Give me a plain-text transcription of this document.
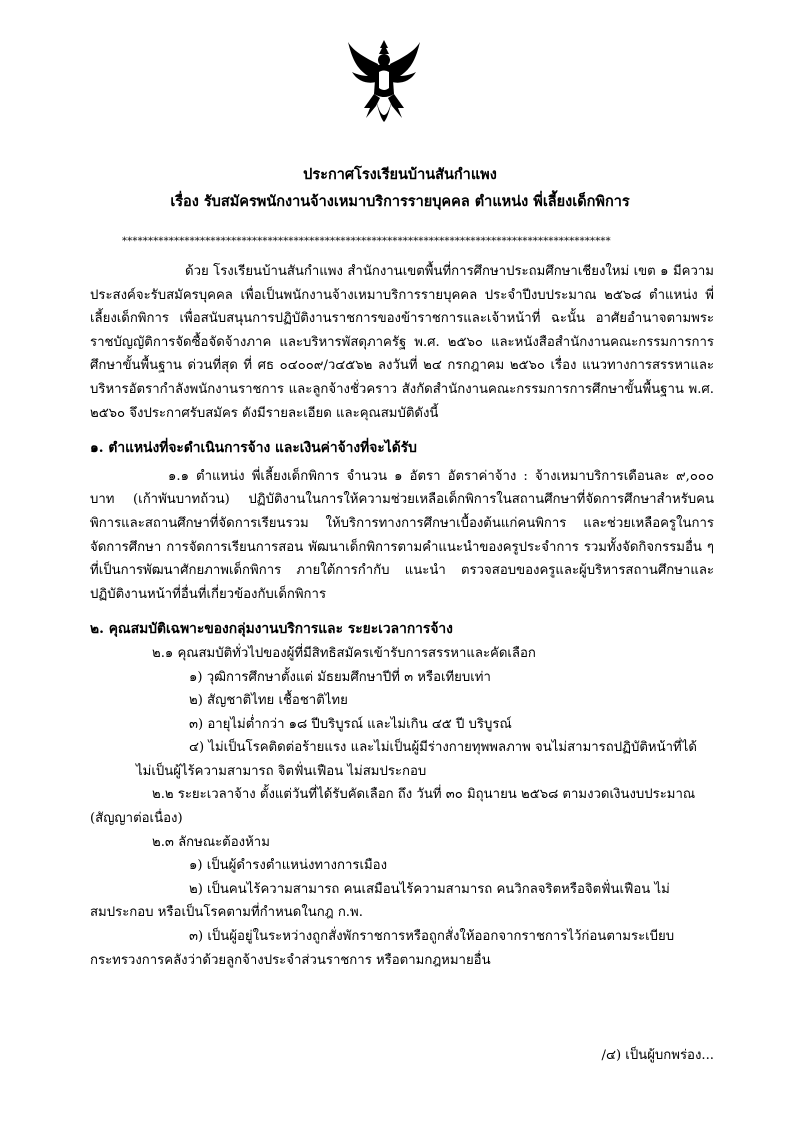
ประกาศโรงเรียนบ้านสันกำแพง
เรื่อง รับสมัครพนักงานจ้างเหมาบริการรายบุคคล ตำแหน่ง พี่เลี้ยงเด็กพิการ
**********************************************************************************************
ด้วย โรงเรียนบ้านสันกำแพง สำนักงานเขตพื้นที่การศึกษาประถมศึกษาเชียงใหม่ เขต ๑ มีความประสงค์จะรับสมัครบุคคล เพื่อเป็นพนักงานจ้างเหมาบริการรายบุคคล ประจำปีงบประมาณ ๒๕๖๘ ตำแหน่ง พี่เลี้ยงเด็กพิการ เพื่อสนับสนุนการปฏิบัติงานราชการของข้าราชการและเจ้าหน้าที่ ฉะนั้น อาศัยอำนาจตามพระราชบัญญัติการจัดซื้อจัดจ้างภาค และบริหารพัสดุภาครัฐ พ.ศ. ๒๕๖๐ และหนังสือสำนักงานคณะกรรมการการศึกษาขั้นพื้นฐาน ด่วนที่สุด ที่ ศธ ๐๔๐๐๙/ว๔๕๖๒ ลงวันที่ ๒๔ กรกฎาคม ๒๕๖๐ เรื่อง แนวทางการสรรหาและบริหารอัตรากำลังพนักงานราชการ และลูกจ้างชั่วคราว สังกัดสำนักงานคณะกรรมการการศึกษาขั้นพื้นฐาน พ.ศ. ๒๕๖๐ จึงประกาศรับสมัคร ดังมีรายละเอียด และคุณสมบัติดังนี้
๑. ตำแหน่งที่จะดำเนินการจ้าง และเงินค่าจ้างที่จะได้รับ
๑.๑ ตำแหน่ง พี่เลี้ยงเด็กพิการ จำนวน ๑ อัตรา อัตราค่าจ้าง : จ้างเหมาบริการเดือนละ ๙,๐๐๐ บาท (เก้าพันบาทถ้วน) ปฏิบัติงานในการให้ความช่วยเหลือเด็กพิการในสถานศึกษาที่จัดการศึกษาสำหรับคนพิการและสถานศึกษาที่จัดการเรียนรวม ให้บริการทางการศึกษาเบื้องต้นแก่คนพิการ และช่วยเหลือครูในการจัดการศึกษา การจัดการเรียนการสอน พัฒนาเด็กพิการตามคำแนะนำของครูประจำการ รวมทั้งจัดกิจกรรมอื่น ๆ ที่เป็นการพัฒนาศักยภาพเด็กพิการ ภายใต้การกำกับ แนะนำ ตรวจสอบของครูและผู้บริหารสถานศึกษาและปฏิบัติงานหน้าที่อื่นที่เกี่ยวข้องกับเด็กพิการ
๒. คุณสมบัติเฉพาะของกลุ่มงานบริการและ ระยะเวลาการจ้าง
๒.๑ คุณสมบัติทั่วไปของผู้ที่มีสิทธิสมัครเข้ารับการสรรหาและคัดเลือก
๑) วุฒิการศึกษาตั้งแต่ มัธยมศึกษาปีที่ ๓ หรือเทียบเท่า
๒) สัญชาติไทย เชื้อชาติไทย
๓) อายุไม่ต่ำกว่า ๑๘ ปีบริบูรณ์ และไม่เกิน ๔๕ ปี บริบูรณ์
๔) ไม่เป็นโรคติดต่อร้ายแรง และไม่เป็นผู้มีร่างกายทุพพลภาพ จนไม่สามารถปฏิบัติหน้าที่ได้
ไม่เป็นผู้ไร้ความสามารถ จิตฟั่นเฟือน ไม่สมประกอบ
๒.๒ ระยะเวลาจ้าง ตั้งแต่วันที่ได้รับคัดเลือก ถึง วันที่ ๓๐ มิถุนายน ๒๕๖๘ ตามงวดเงินงบประมาณ
(สัญญาต่อเนื่อง)
๒.๓ ลักษณะต้องห้าม
๑) เป็นผู้ดำรงตำแหน่งทางการเมือง
๒) เป็นคนไร้ความสามารถ คนเสมือนไร้ความสามารถ คนวิกลจริตหรือจิตฟั่นเฟือน ไม่
สมประกอบ หรือเป็นโรคตามที่กำหนดในกฎ ก.พ.
๓) เป็นผู้อยู่ในระหว่างถูกสั่งพักราชการหรือถูกสั่งให้ออกจากราชการไว้ก่อนตามระเบียบ
กระทรวงการคลังว่าด้วยลูกจ้างประจำส่วนราชการ หรือตามกฎหมายอื่น
/๔) เป็นผู้บกพร่อง...
